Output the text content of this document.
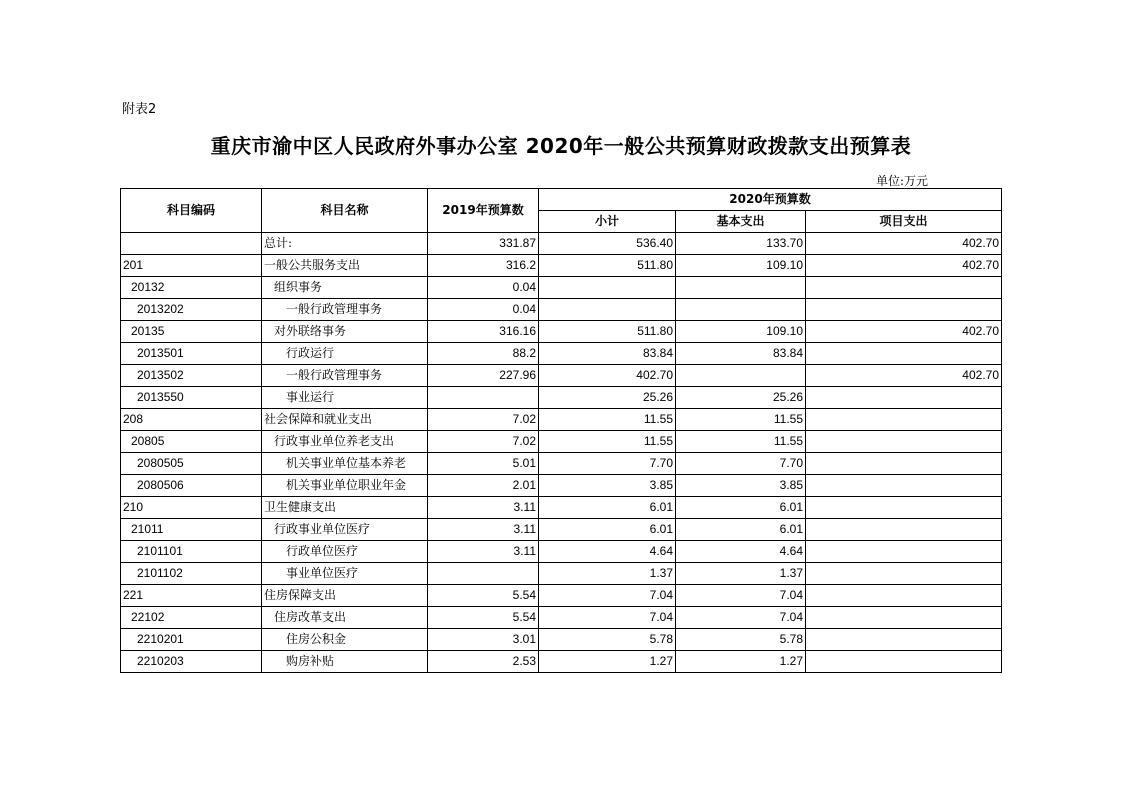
附表2
重庆市渝中区人民政府外事办公室 2020年一般公共预算财政拨款支出预算表
单位:万元
科目编码	科目名称	2019年预算数	2020年预算数		
			小计	基本支出	项目支出
	总计:	331.87	536.40	133.70	402.70
201	一般公共服务支出	316.2	511.80	109.10	402.70
20132	组织事务	0.04			
2013202	一般行政管理事务	0.04			
20135	对外联络事务	316.16	511.80	109.10	402.70
2013501	行政运行	88.2	83.84	83.84	
2013502	一般行政管理事务	227.96	402.70		402.70
2013550	事业运行		25.26	25.26	
208	社会保障和就业支出	7.02	11.55	11.55	
20805	行政事业单位养老支出	7.02	11.55	11.55	
2080505	机关事业单位基本养老	5.01	7.70	7.70	
2080506	机关事业单位职业年金	2.01	3.85	3.85	
210	卫生健康支出	3.11	6.01	6.01	
21011	行政事业单位医疗	3.11	6.01	6.01	
2101101	行政单位医疗	3.11	4.64	4.64	
2101102	事业单位医疗		1.37	1.37	
221	住房保障支出	5.54	7.04	7.04	
22102	住房改革支出	5.54	7.04	7.04	
2210201	住房公积金	3.01	5.78	5.78	
2210203	购房补贴	2.53	1.27	1.27	
